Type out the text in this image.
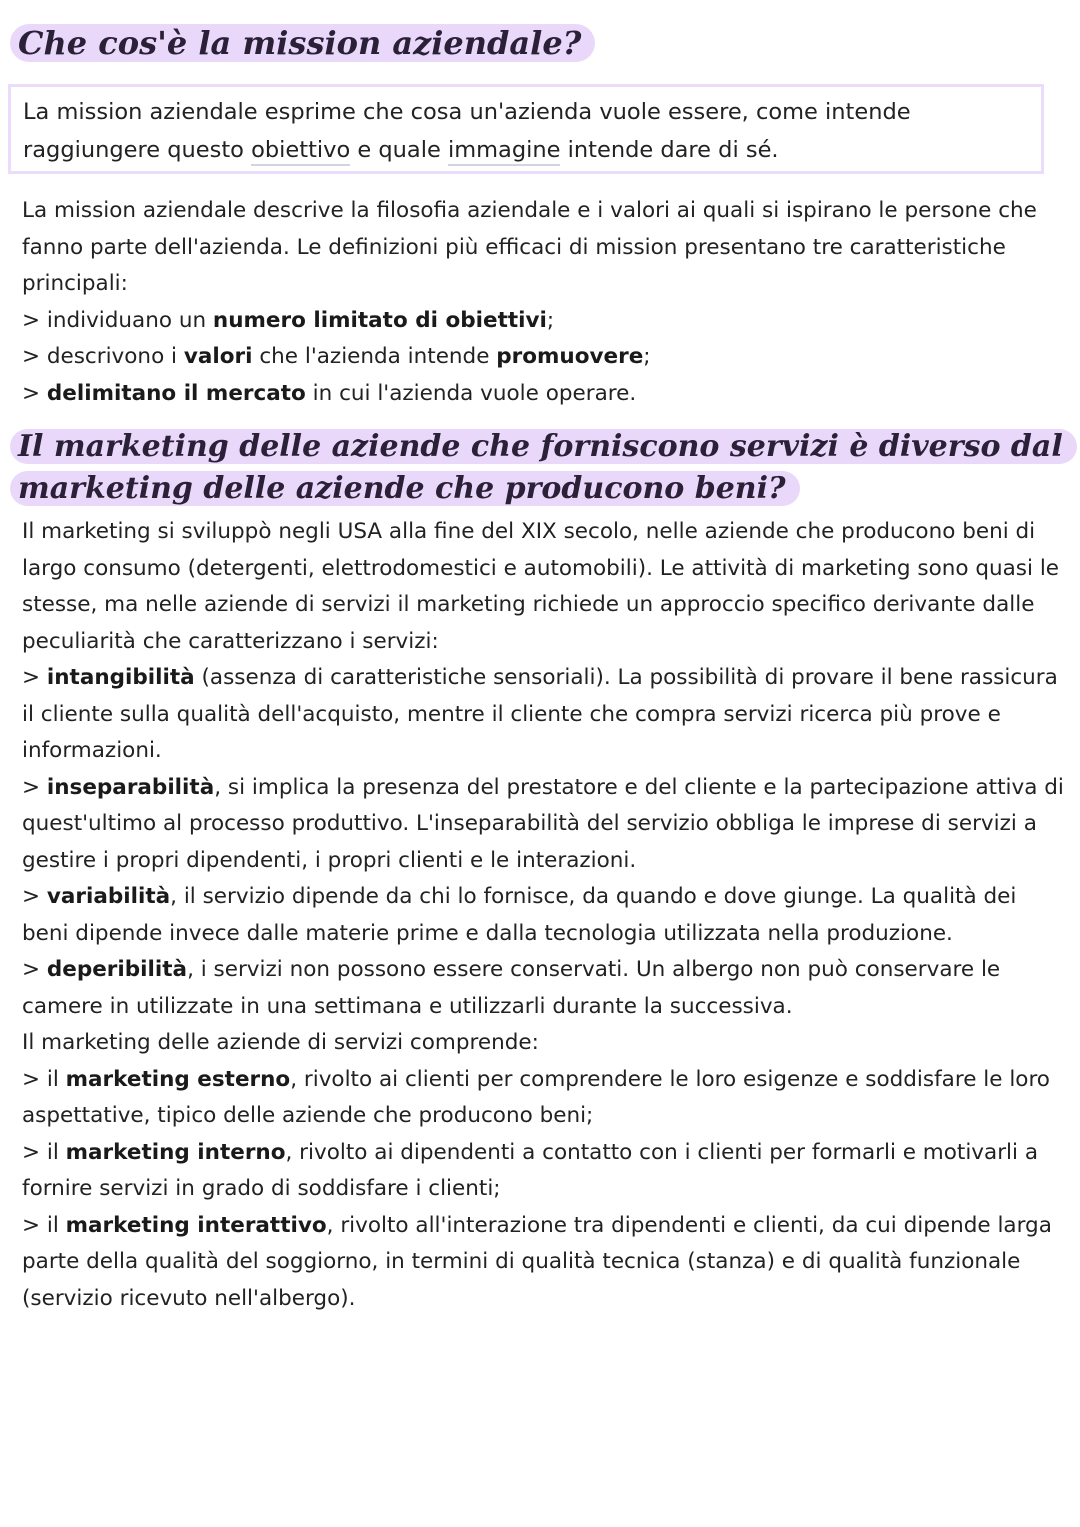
Che cos'è la mission aziendale?
La mission aziendale esprime che cosa un'azienda vuole essere, come intende raggiungere questo obiettivo e quale immagine intende dare di sé.
La mission aziendale descrive la filosofia aziendale e i valori ai quali si ispirano le persone che fanno parte dell'azienda. Le definizioni più efficaci di mission presentano tre caratteristiche principali:
> individuano un numero limitato di obiettivi;
> descrivono i valori che l'azienda intende promuovere;
> delimitano il mercato in cui l'azienda vuole operare.
Il marketing delle aziende che forniscono servizi è diverso dal marketing delle aziende che producono beni?
Il marketing si sviluppò negli USA alla fine del XIX secolo, nelle aziende che producono beni di largo consumo (detergenti, elettrodomestici e automobili). Le attività di marketing sono quasi le stesse, ma nelle aziende di servizi il marketing richiede un approccio specifico derivante dalle peculiarità che caratterizzano i servizi:
> intangibilità (assenza di caratteristiche sensoriali). La possibilità di provare il bene rassicura il cliente sulla qualità dell'acquisto, mentre il cliente che compra servizi ricerca più prove e informazioni.
> inseparabilità, si implica la presenza del prestatore e del cliente e la partecipazione attiva di quest'ultimo al processo produttivo. L'inseparabilità del servizio obbliga le imprese di servizi a gestire i propri dipendenti, i propri clienti e le interazioni.
> variabilità, il servizio dipende da chi lo fornisce, da quando e dove giunge. La qualità dei beni dipende invece dalle materie prime e dalla tecnologia utilizzata nella produzione.
> deperibilità, i servizi non possono essere conservati. Un albergo non può conservare le camere in utilizzate in una settimana e utilizzarli durante la successiva.
Il marketing delle aziende di servizi comprende:
> il marketing esterno, rivolto ai clienti per comprendere le loro esigenze e soddisfare le loro aspettative, tipico delle aziende che producono beni;
> il marketing interno, rivolto ai dipendenti a contatto con i clienti per formarli e motivarli a fornire servizi in grado di soddisfare i clienti;
> il marketing interattivo, rivolto all'interazione tra dipendenti e clienti, da cui dipende larga parte della qualità del soggiorno, in termini di qualità tecnica (stanza) e di qualità funzionale (servizio ricevuto nell'albergo).
